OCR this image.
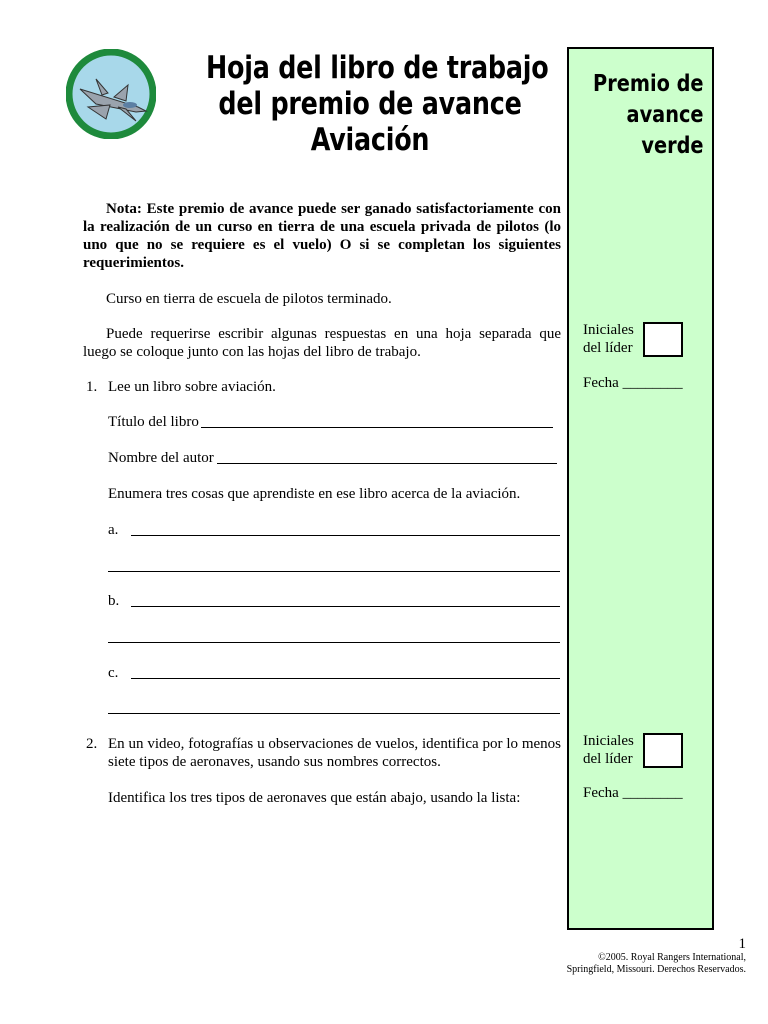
Hoja del libro de trabajo
del premio de avance
Aviación
Premio de
avance
verde
Iniciales
del líder
Fecha ________
Iniciales
del líder
Fecha ________
Nota: Este premio de avance puede ser ganado satisfactoriamente con la realización de un curso en tierra de una escuela privada de pilotos (lo uno que no se requiere es el vuelo) O si se completan los siguientes requerimientos.
Curso en tierra de escuela de pilotos terminado.
Puede requerirse escribir algunas respuestas en una hoja separada que luego se coloque junto con las hojas del libro de trabajo.
1. Lee un libro sobre aviación.
Título del libro
Nombre del autor
Enumera tres cosas que aprendiste en ese libro acerca de la aviación.
a.
b.
c.
2. En un video, fotografías u observaciones de vuelos, identifica por lo menos siete tipos de aeronaves, usando sus nombres correctos.
Identifica los tres tipos de aeronaves que están abajo, usando la lista:
1
©2005. Royal Rangers International,
Springfield, Missouri. Derechos Reservados.
